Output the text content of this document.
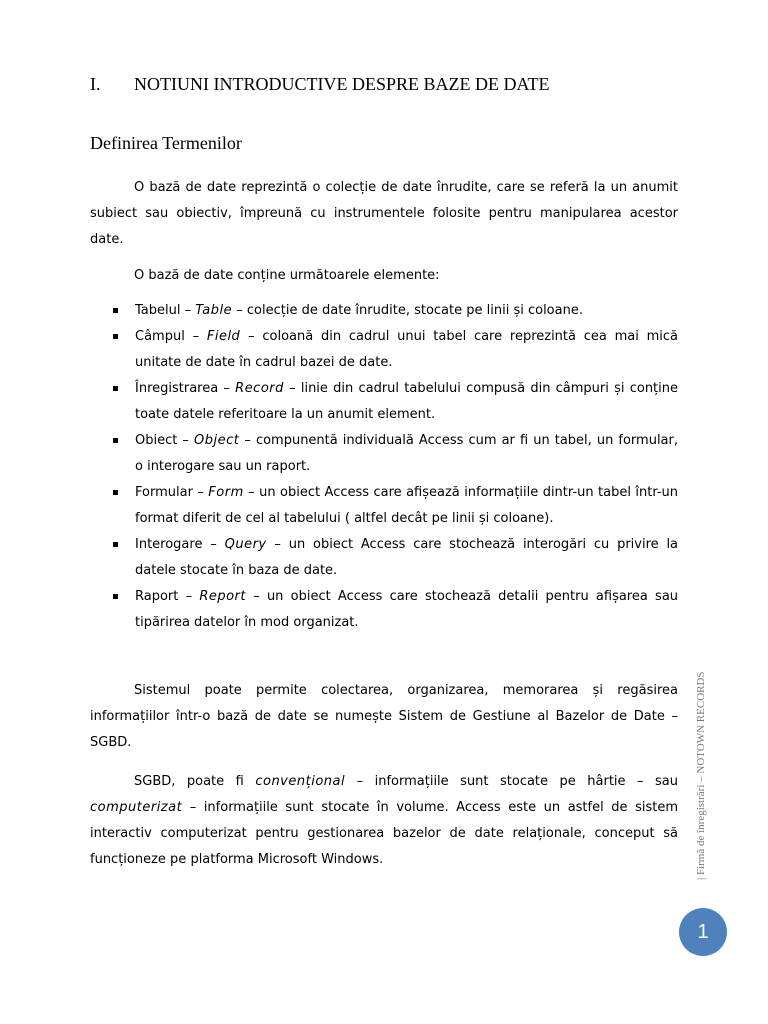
I. NOTIUNI INTRODUCTIVE DESPRE BAZE DE DATE
Definirea Termenilor

O bază de date reprezintă o colecție de date înrudite, care se referă la un anumit subiect sau obiectiv, împreună cu instrumentele folosite pentru manipularea acestor date.

O bază de date conține următoarele elemente:

Tabelul – Table – colecție de date înrudite, stocate pe linii și coloane.
Câmpul – Field – coloană din cadrul unui tabel care reprezintă cea mai mică unitate de date în cadrul bazei de date.
Înregistrarea – Record – linie din cadrul tabelului compusă din câmpuri și conține toate datele referitoare la un anumit element.
Obiect – Object – compunentă individuală Access cum ar fi un tabel, un formular, o interogare sau un raport.
Formular – Form – un obiect Access care afișează informațiile dintr-un tabel într-un format diferit de cel al tabelului ( altfel decât pe linii și coloane).
Interogare – Query – un obiect Access care stochează interogări cu privire la datele stocate în baza de date.
Raport – Report – un obiect Access care stochează detalii pentru afișarea sau tipărirea datelor în mod organizat.

Sistemul poate permite colectarea, organizarea, memorarea și regăsirea informațiilor într-o bază de date se numește Sistem de Gestiune al Bazelor de Date – SGBD.

SGBD, poate fi convențional – informațiile sunt stocate pe hârtie – sau computerizat – informațiile sunt stocate în volume. Access este un astfel de sistem interactiv computerizat pentru gestionarea bazelor de date relaționale, conceput să funcționeze pe platforma Microsoft Windows.	| Firmă de înregistrări – NOTOWN RECORDS
1
